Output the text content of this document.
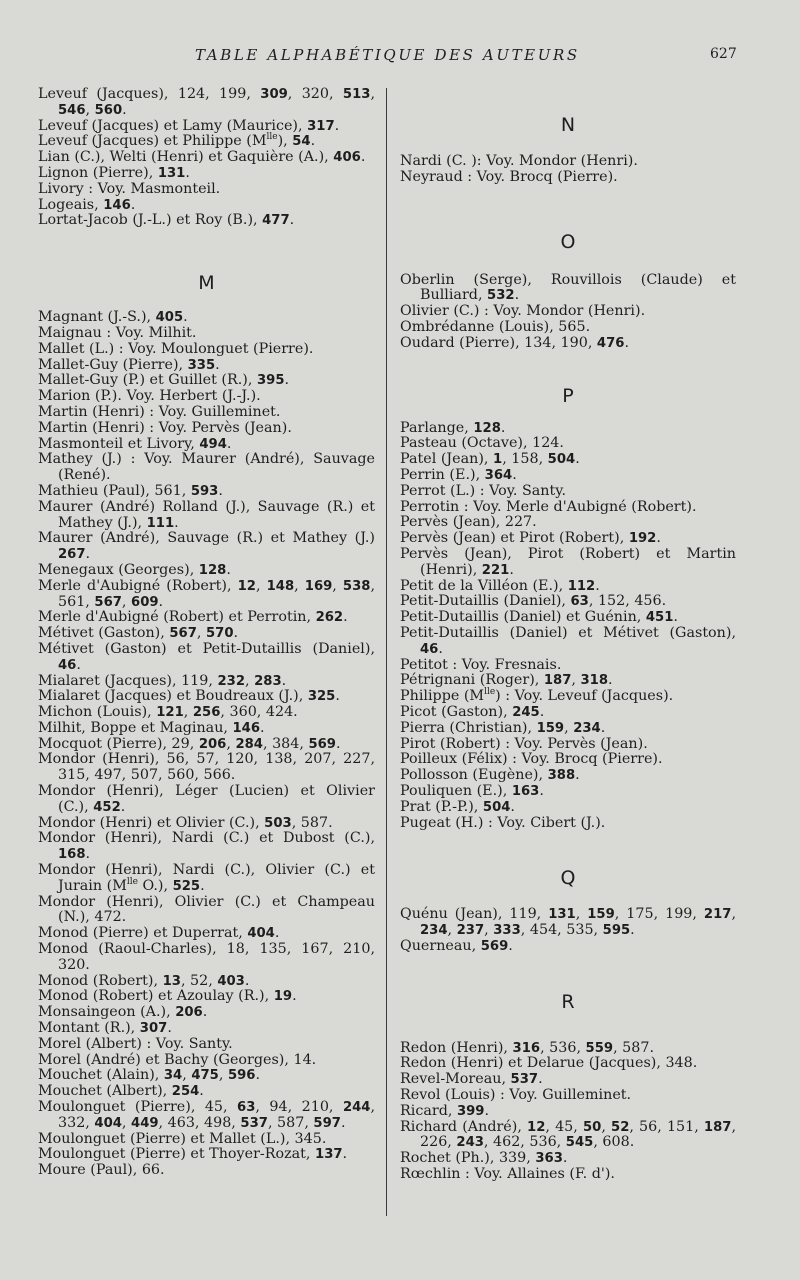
TABLE ALPHABÉTIQUE DES AUTEURS	627

Leveuf (Jacques), 124, 199, 309, 320, 513, 546, 560.

Leveuf (Jacques) et Lamy (Maurice), 317.

Leveuf (Jacques) et Philippe $(M^{lle})$, 54.

Lian (C.), Welti (Henri) et Gaquière (A.), 406.

Lignon (Pierre), 131.

Livory : Voy. Masmonteil.

Logeais, 146.

Lortat-Jacob (J.-L.) et Roy (B.), 477.

M

Magnant (J.-S.), 405.

Maignau : Voy. Milhit.

Mallet (L.) : Voy. Moulonguet (Pierre).

Mallet-Guy (Pierre), 335.

Mallet-Guy (P.) et Guillet (R.), 395.

Marion (P.). Voy. Herbert (J.-J.).

Martin (Henri) : Voy. Guilleminet.

Martin (Henri) : Voy. Pervès (Jean).

Masmonteil et Livory, 494.

Mathey (J.) : Voy. Maurer (André), Sauvage (René).

Mathieu (Paul), 561, 593.

Maurer (André) Rolland (J.), Sauvage (R.) et Mathey (J.), 111.

Maurer (André), Sauvage (R.) et Mathey (J.) 267.

Menegaux (Georges), 128.

Merle d'Aubigné (Robert), 12, 148, 169, 538, 561, 567, 609.

Merle d'Aubigné (Robert) et Perrotin, 262.

Métivet (Gaston), 567, 570.

Métivet (Gaston) et Petit-Dutaillis (Daniel), 46.

Mialaret (Jacques), 119, 232, 283.

Mialaret (Jacques) et Boudreaux (J.), 325.

Michon (Louis), 121, 256, 360, 424.

Milhit, Boppe et Maginau, 146.

Mocquot (Pierre), 29, 206, 284, 384, 569.

Mondor (Henri), 56, 57, 120, 138, 207, 227, 315, 497, 507, 560, 566.

Mondor (Henri), Léger (Lucien) et Olivier (C.), 452.

Mondor (Henri) et Olivier (C.), 503, 587.

Mondor (Henri), Nardi (C.) et Dubost (C.), 168.

Mondor (Henri), Nardi (C.), Olivier (C.) et Jurain ($M^{lle}$ O.), 525.

Mondor (Henri), Olivier (C.) et Champeau (N.), 472.

Monod (Pierre) et Duperrat, 404.

Monod (Raoul-Charles), 18, 135, 167, 210, 320.

Monod (Robert), 13, 52, 403.

Monod (Robert) et Azoulay (R.), 19.

Monsaingeon (A.), 206.

Montant (R.), 307.

Morel (Albert) : Voy. Santy.

Morel (André) et Bachy (Georges), 14.

Mouchet (Alain), 34, 475, 596.

Mouchet (Albert), 254.

Moulonguet (Pierre), 45, 63, 94, 210, 244, 332, 404, 449, 463, 498, 537, 587, 597.

Moulonguet (Pierre) et Mallet (L.), 345.

Moulonguet (Pierre) et Thoyer-Rozat, 137.

Moure (Paul), 66.

N

Nardi (C. ): Voy. Mondor (Henri).

Neyraud : Voy. Brocq (Pierre).

O

Oberlin (Serge), Rouvillois (Claude) et Bulliard, 532.

Olivier (C.) : Voy. Mondor (Henri).

Ombrédanne (Louis), 565.

Oudard (Pierre), 134, 190, 476.

P

Parlange, 128.

Pasteau (Octave), 124.

Patel (Jean), 1, 158, 504.

Perrin (E.), 364.

Perrot (L.) : Voy. Santy.

Perrotin : Voy. Merle d'Aubigné (Robert).

Pervès (Jean), 227.

Pervès (Jean) et Pirot (Robert), 192.

Pervès (Jean), Pirot (Robert) et Martin (Henri), 221.

Petit de la Villéon (E.), 112.

Petit-Dutaillis (Daniel), 63, 152, 456.

Petit-Dutaillis (Daniel) et Guénin, 451.

Petit-Dutaillis (Daniel) et Métivet (Gaston), 46.

Petitot : Voy. Fresnais.

Pétrignani (Roger), 187, 318.

Philippe $(M^{lle})$ : Voy. Leveuf (Jacques).

Picot (Gaston), 245.

Pierra (Christian), 159, 234.

Pirot (Robert) : Voy. Pervès (Jean).

Poilleux (Félix) : Voy. Brocq (Pierre).

Pollosson (Eugène), 388.

Pouliquen (E.), 163.

Prat (P.-P.), 504.

Pugeat (H.) : Voy. Cibert (J.).

Q

Quénu (Jean), 119, 131, 159, 175, 199, 217, 234, 237, 333, 454, 535, 595.

Querneau, 569.

R

Redon (Henri), 316, 536, 559, 587.

Redon (Henri) et Delarue (Jacques), 348.

Revel-Moreau, 537.

Revol (Louis) : Voy. Guilleminet.

Ricard, 399.

Richard (André), 12, 45, 50, 52, 56, 151, 187, 226, 243, 462, 536, 545, 608.

Rochet (Ph.), 339, 363.

Rœchlin : Voy. Allaines (F. d').
